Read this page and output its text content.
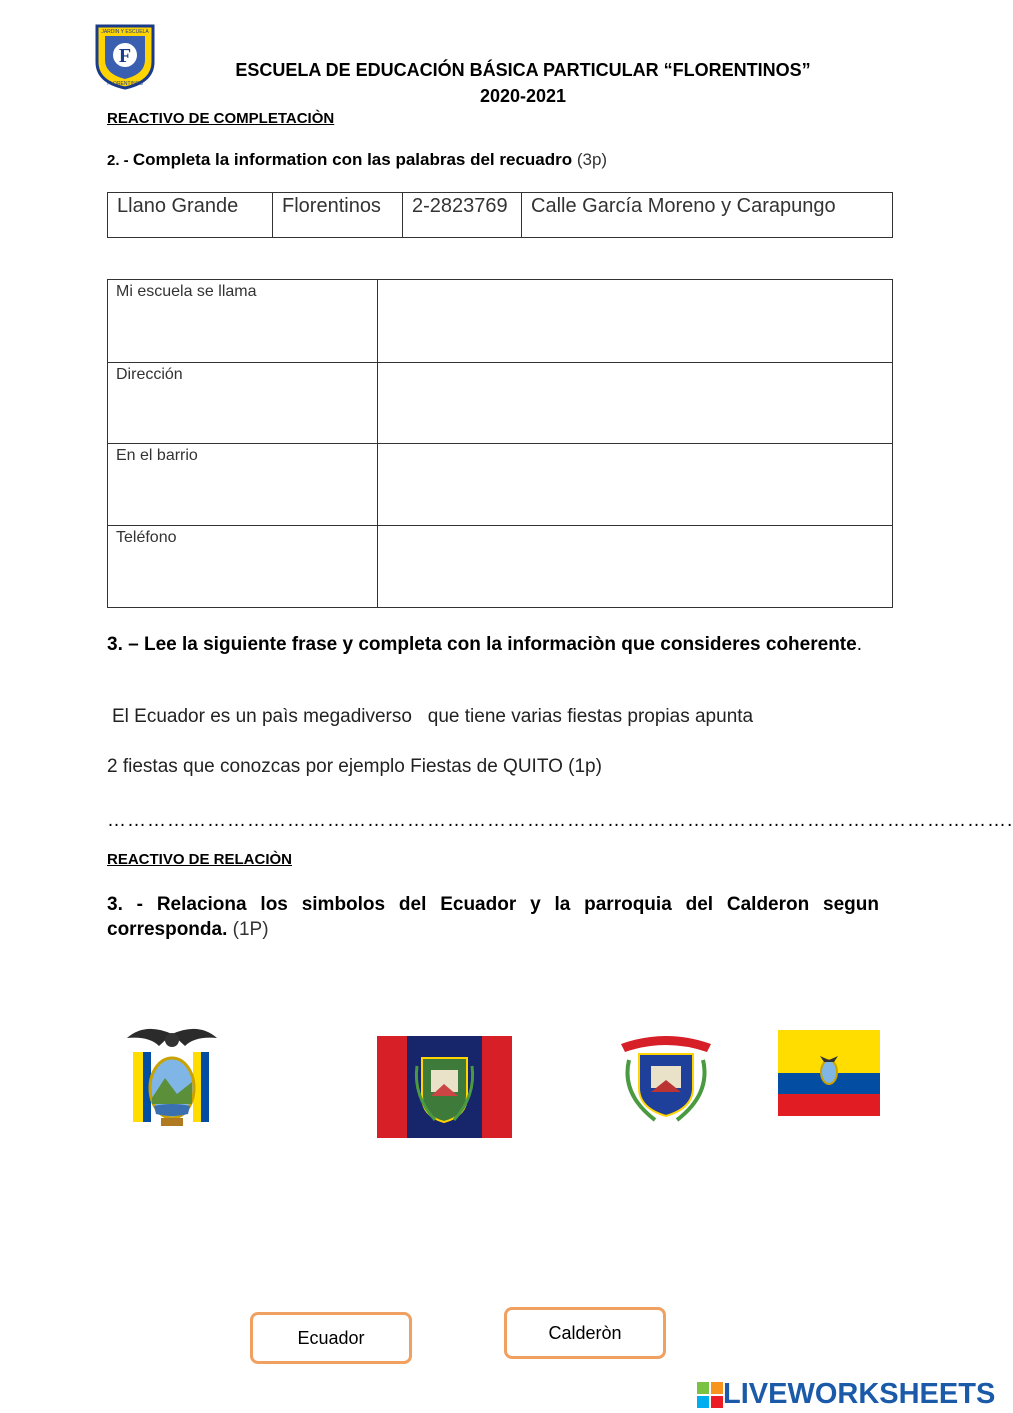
F
JARDIN Y ESCUELA
FLORENTINOS
ESCUELA DE EDUCACIÓN BÁSICA PARTICULAR “FLORENTINOS”
2020-2021
REACTIVO DE COMPLETACIÒN
2. - Completa la information con las palabras del recuadro (3p)
Llano Grande	Florentinos	2-2823769	Calle García Moreno y Carapungo
Mi escuela se llama	
Dirección	
En el barrio	
Teléfono	
3. – Lee la siguiente frase y completa con la informaciòn que consideres coherente.
El Ecuador es un paìs megadiverso   que tiene varias fiestas propias apunta
2 fiestas que conozcas por ejemplo Fiestas de QUITO (1p)
……………………………………………………………………………………………………………………….
REACTIVO DE RELACIÒN
3. - Relaciona los simbolos del Ecuador y la parroquia del Calderon segun corresponda. (1P)
Ecuador	Calderòn
LIVEWORKSHEETS
